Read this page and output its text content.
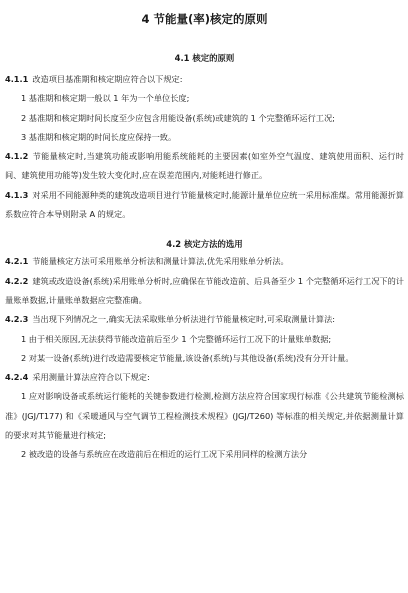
4 节能量(率)核定的原则
4.1 核定的原则

4.1.1 改造项目基准期和核定期应符合以下规定:

1 基准期和核定期一般以 1 年为一个单位长度;

2 基准期和核定期时间长度至少应包含用能设备(系统)或建筑的 1 个完整循环运行工况;

3 基准期和核定期的时间长度应保持一致。

4.1.2 节能量核定时,当建筑功能或影响用能系统能耗的主要因素(如室外空气温度、建筑使用面积、运行时间、建筑使用功能等)发生较大变化时,应在误差范围内,对能耗进行修正。

4.1.3 对采用不同能源种类的建筑改造项目进行节能量核定时,能源计量单位应统一采用标准煤。常用能源折算系数应符合本导则附录 A 的规定。

4.2 核定方法的选用

4.2.1 节能量核定方法可采用账单分析法和测量计算法,优先采用账单分析法。

4.2.2 建筑或改造设备(系统)采用账单分析时,应确保在节能改造前、后具备至少 1 个完整循环运行工况下的计量账单数据,计量账单数据应完整准确。

4.2.3 当出现下列情况之一,确实无法采取账单分析法进行节能量核定时,可采取测量计算法:

1 由于相关原因,无法获得节能改造前后至少 1 个完整循环运行工况下的计量账单数据;

2 对某一设备(系统)进行改造需要核定节能量,该设备(系统)与其他设备(系统)没有分开计量。

4.2.4 采用测量计算法应符合以下规定:

1 应对影响设备或系统运行能耗的关键参数进行检测,检测方法应符合国家现行标准《公共建筑节能检测标准》(JGJ/T177) 和《采暖通风与空气调节工程检测技术规程》(JGJ/T260) 等标准的相关规定,并依据测量计算的要求对其节能量进行核定;

2 被改造的设备与系统应在改造前后在相近的运行工况下采用同样的检测方法分
